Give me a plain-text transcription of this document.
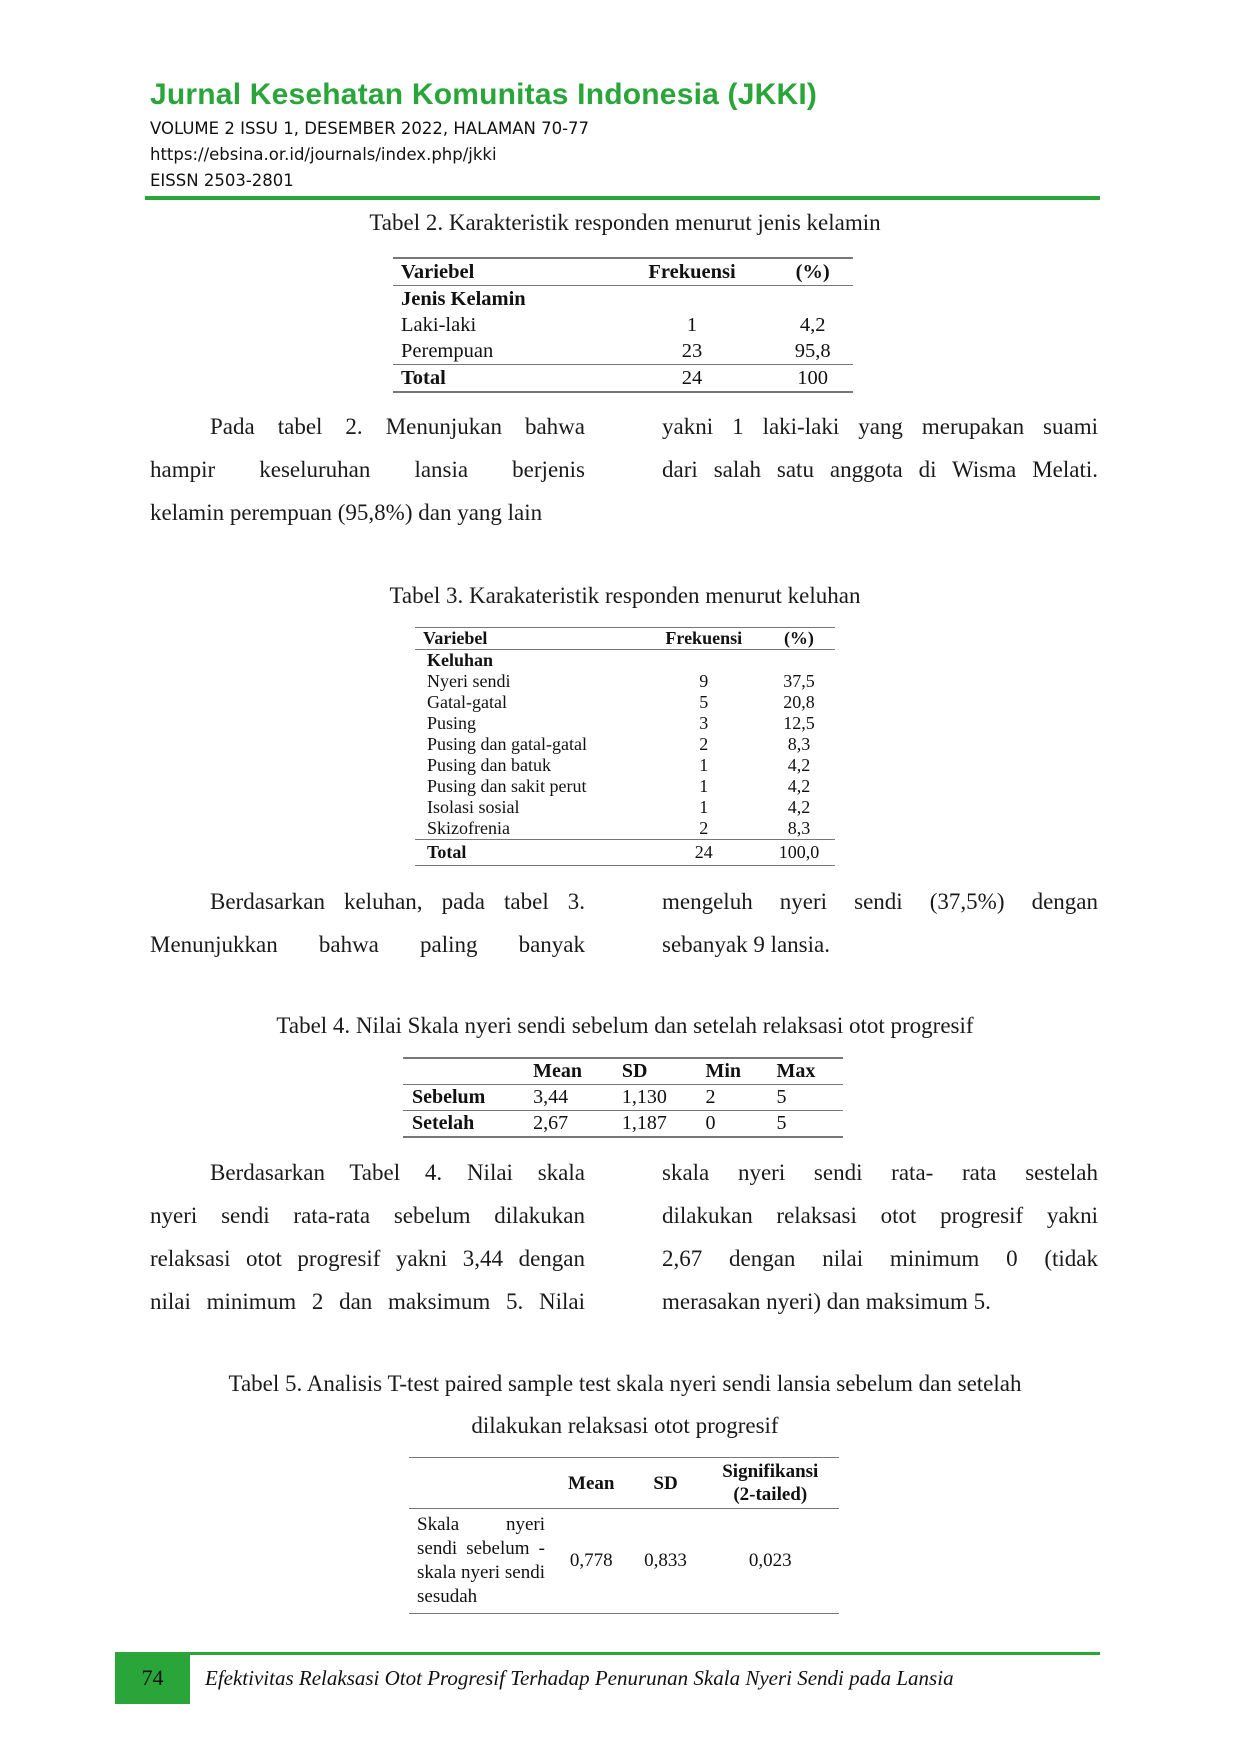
Jurnal Kesehatan Komunitas Indonesia (JKKI)
VOLUME 2 ISSU 1, DESEMBER 2022, HALAMAN 70-77
https://ebsina.or.id/journals/index.php/jkki
EISSN 2503-2801
Tabel 2. Karakteristik responden menurut jenis kelamin
Variebel	Frekuensi	(%)
Jenis Kelamin		
Laki-laki	1	4,2
Perempuan	23	95,8
Total	24	100
Pada tabel 2. Menunjukan bahwa
hampir keseluruhan lansia berjenis
kelamin perempuan (95,8%) dan yang lain
yakni 1 laki-laki yang merupakan suami
dari salah satu anggota di Wisma Melati.
Tabel 3. Karakateristik responden menurut keluhan
Variebel	Frekuensi	(%)
Keluhan		
Nyeri sendi	9	37,5
Gatal-gatal	5	20,8
Pusing	3	12,5
Pusing dan gatal-gatal	2	8,3
Pusing dan batuk	1	4,2
Pusing dan sakit perut	1	4,2
Isolasi sosial	1	4,2
Skizofrenia	2	8,3
Total	24	100,0
Berdasarkan keluhan, pada tabel 3.
Menunjukkan bahwa paling banyak
mengeluh nyeri sendi (37,5%) dengan
sebanyak 9 lansia.
Tabel 4. Nilai Skala nyeri sendi sebelum dan setelah relaksasi otot progresif
	Mean	SD	Min	Max
Sebelum	3,44	1,130	2	5
Setelah	2,67	1,187	0	5
Berdasarkan Tabel 4. Nilai skala
nyeri sendi rata-rata sebelum dilakukan
relaksasi otot progresif yakni 3,44 dengan
nilai minimum 2 dan maksimum 5. Nilai
skala nyeri sendi rata- rata sestelah
dilakukan relaksasi otot progresif yakni
2,67 dengan nilai minimum 0 (tidak
merasakan nyeri) dan maksimum 5.
Tabel 5. Analisis T-test paired sample test skala nyeri sendi lansia sebelum dan setelah
dilakukan relaksasi otot progresif
	Mean	SD	Signifikansi
(2-tailed)
Skala nyeri sendi sebelum - skala nyeri sendi sesudah	0,778	0,833	0,023
74	Efektivitas Relaksasi Otot Progresif Terhadap Penurunan Skala Nyeri Sendi pada Lansia
